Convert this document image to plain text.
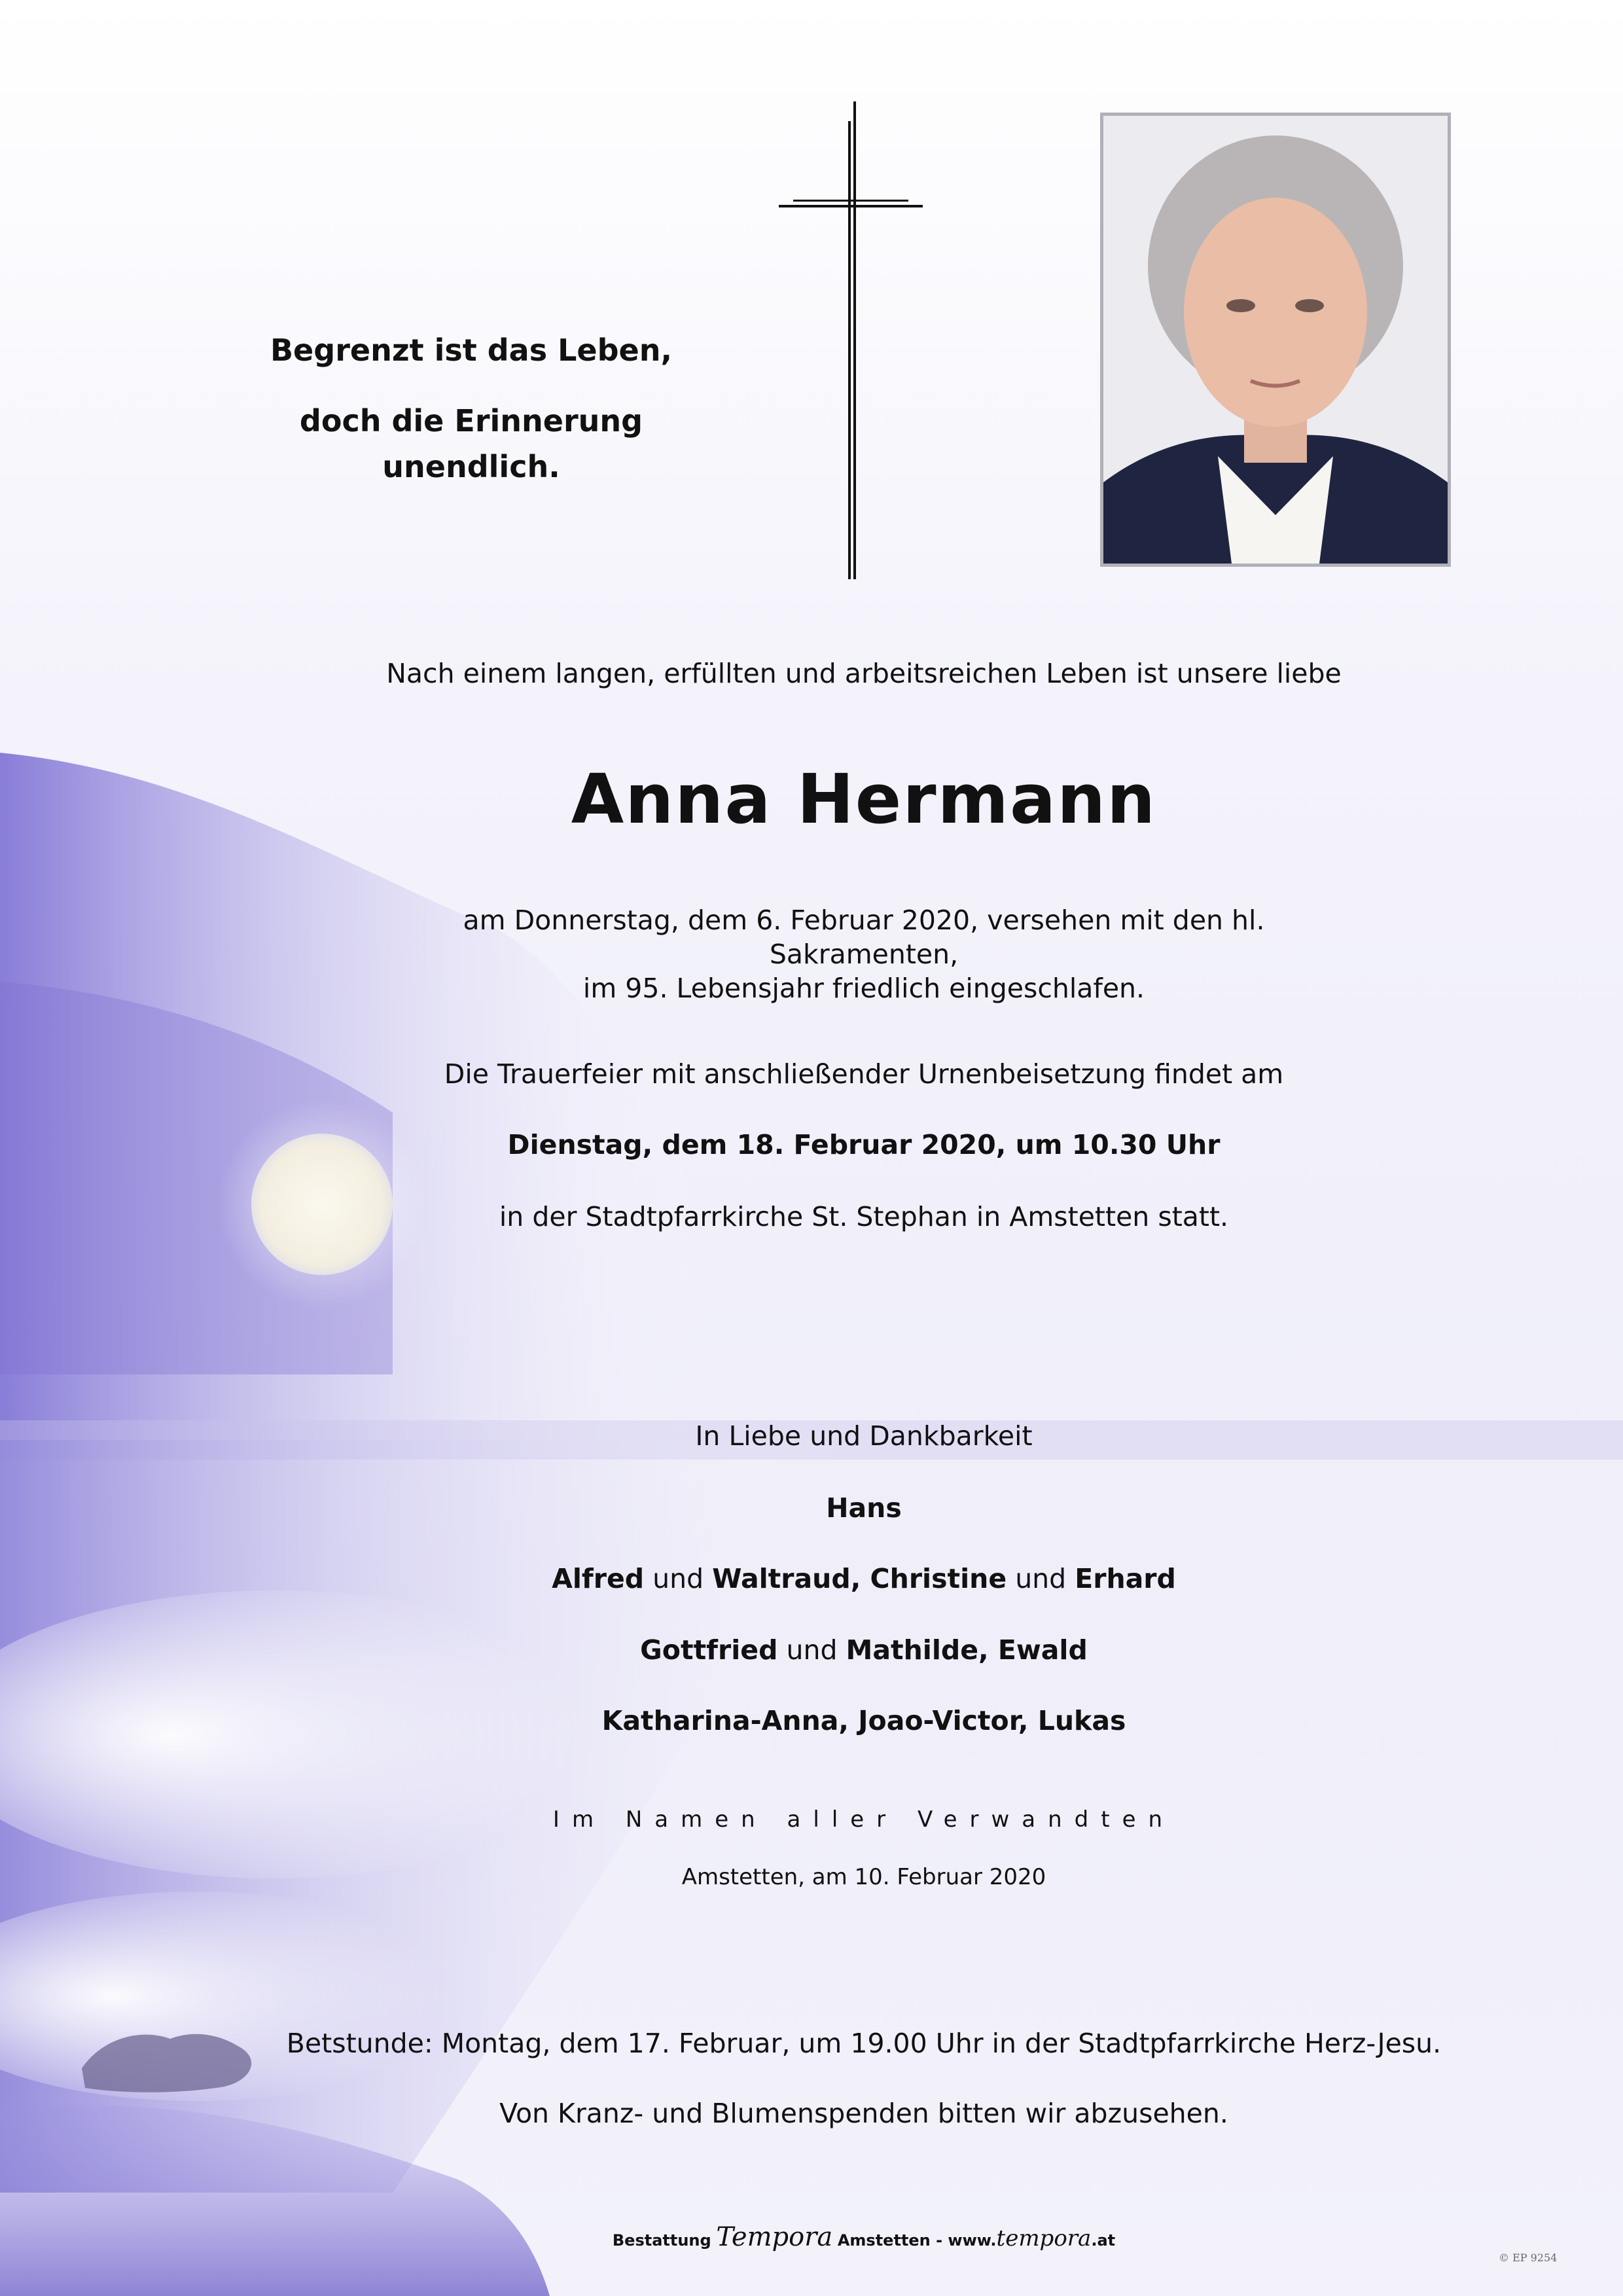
Begrenzt ist das Leben,
doch die Erinnerung unendlich.
Nach einem langen, erfüllten und arbeitsreichen Leben ist unsere liebe
Anna Hermann
am Donnerstag, dem 6. Februar 2020, versehen mit den hl. Sakramenten,
im 95. Lebensjahr friedlich eingeschlafen.
Die Trauerfeier mit anschließender Urnenbeisetzung findet am
Dienstag, dem 18. Februar 2020, um 10.30 Uhr
in der Stadtpfarrkirche St. Stephan in Amstetten statt.
In Liebe und Dankbarkeit
Hans
Alfred und Waltraud, Christine und Erhard
Gottfried und Mathilde, Ewald
Katharina-Anna, Joao-Victor, Lukas
Im Namen aller Verwandten
Amstetten, am 10. Februar 2020
Betstunde: Montag, dem 17. Februar, um 19.00 Uhr in der Stadtpfarrkirche Herz-Jesu.
Von Kranz- und Blumenspenden bitten wir abzusehen.
Bestattung Tempora Amstetten - www.tempora.at
© EP 9254
